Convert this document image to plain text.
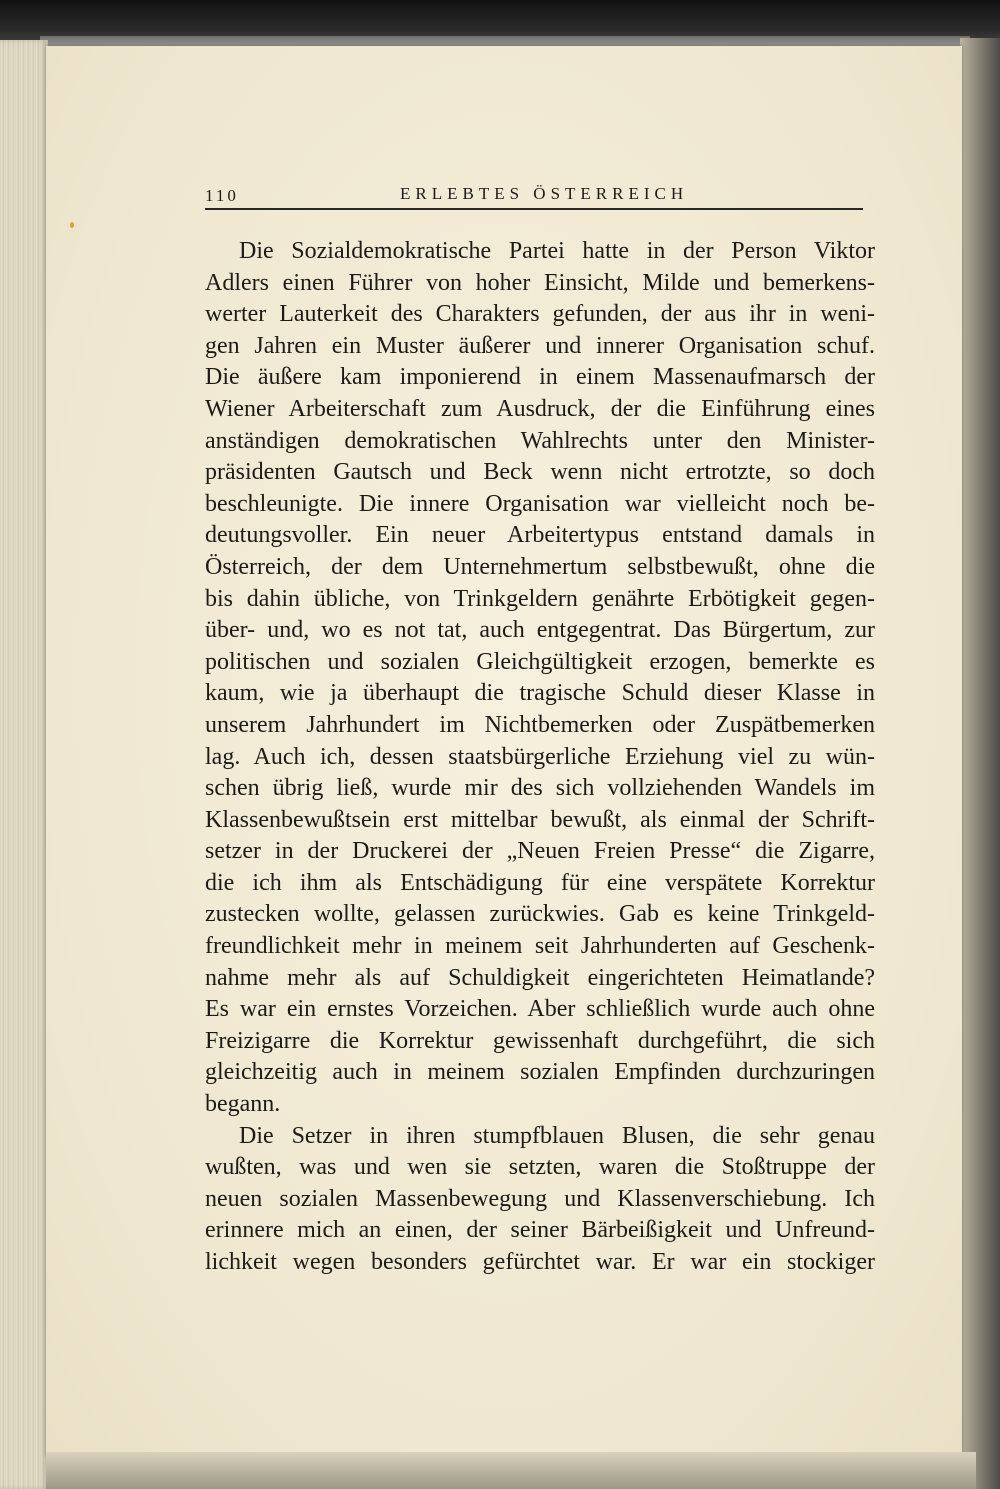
110	ERLEBTES ÖSTERREICH
Die Sozialdemokratische Partei hatte in der Person Viktor
Adlers einen Führer von hoher Einsicht, Milde und bemerkens-
werter Lauterkeit des Charakters gefunden, der aus ihr in weni-
gen Jahren ein Muster äußerer und innerer Organisation schuf.
Die äußere kam imponierend in einem Massenaufmarsch der
Wiener Arbeiterschaft zum Ausdruck, der die Einführung eines
anständigen demokratischen Wahlrechts unter den Minister-
präsidenten Gautsch und Beck wenn nicht ertrotzte, so doch
beschleunigte. Die innere Organisation war vielleicht noch be-
deutungsvoller. Ein neuer Arbeitertypus entstand damals in
Österreich, der dem Unternehmertum selbstbewußt, ohne die
bis dahin übliche, von Trinkgeldern genährte Erbötigkeit gegen-
über- und, wo es not tat, auch entgegentrat. Das Bürgertum, zur
politischen und sozialen Gleichgültigkeit erzogen, bemerkte es
kaum, wie ja überhaupt die tragische Schuld dieser Klasse in
unserem Jahrhundert im Nichtbemerken oder Zuspätbemerken
lag. Auch ich, dessen staatsbürgerliche Erziehung viel zu wün-
schen übrig ließ, wurde mir des sich vollziehenden Wandels im
Klassenbewußtsein erst mittelbar bewußt, als einmal der Schrift-
setzer in der Druckerei der „Neuen Freien Presse“ die Zigarre,
die ich ihm als Entschädigung für eine verspätete Korrektur
zustecken wollte, gelassen zurückwies. Gab es keine Trinkgeld-
freundlichkeit mehr in meinem seit Jahrhunderten auf Geschenk-
nahme mehr als auf Schuldigkeit eingerichteten Heimatlande?
Es war ein ernstes Vorzeichen. Aber schließlich wurde auch ohne
Freizigarre die Korrektur gewissenhaft durchgeführt, die sich
gleichzeitig auch in meinem sozialen Empfinden durchzuringen
begann.
Die Setzer in ihren stumpfblauen Blusen, die sehr genau
wußten, was und wen sie setzten, waren die Stoßtruppe der
neuen sozialen Massenbewegung und Klassenverschiebung. Ich
erinnere mich an einen, der seiner Bärbeißigkeit und Unfreund-
lichkeit wegen besonders gefürchtet war. Er war ein stockiger
